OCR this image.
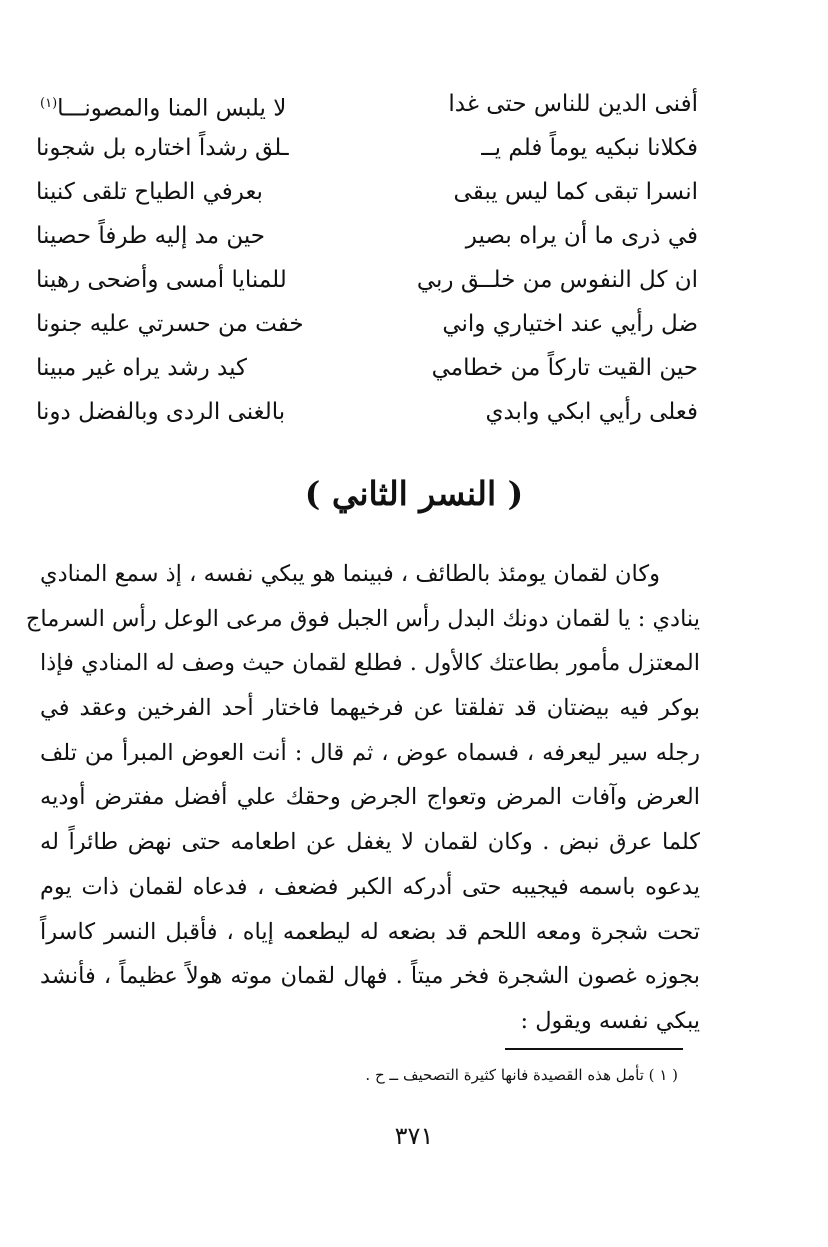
أفنى الدين للناس حتى غدا
لا يلبس المنا والمصونـــا$^{(١)}$
فكلانا نبكيه يوماً فلم يــ
ـلق رشداً اختاره بل شجونا
انسرا تبقى كما ليس يبقى
بعرفي الطياح تلقى كنينا
في ذرى ما أن يراه بصير
حين مد إليه طرفاً حصينا
ان كل النفوس من خلــق ربي
للمنايا أمسى وأضحى رهينا
ضل رأيي عند اختياري واني
خفت من حسرتي عليه جنونا
حين القيت تاركاً من خطامي
كيد رشد يراه غير مبينا
فعلى رأيي ابكي وابدي
بالغنى الردى وبالفضل دونا
( النسر الثاني )
وكان لقمان يومئذ بالطائف ، فبينما هو يبكي نفسه ، إذ سمع المنادي
ينادي : يا لقمان دونك البدل رأس الجبل فوق مرعى الوعل رأس السرماج
المعتزل مأمور بطاعتك كالأول . فطلع لقمان حيث وصف له المنادي فإذا
بوكر فيه بيضتان قد تفلقتا عن فرخيهما فاختار أحد الفرخين وعقد في
رجله سير ليعرفه ، فسماه عوض ، ثم قال : أنت العوض المبرأ من تلف
العرض وآفات المرض وتعواج الجرض وحقك علي أفضل مفترض أوديه
كلما عرق نبض . وكان لقمان لا يغفل عن اطعامه حتى نهض طائراً له
يدعوه باسمه فيجيبه حتى أدركه الكبر فضعف ، فدعاه لقمان ذات يوم
تحت شجرة ومعه اللحم قد بضعه له ليطعمه إياه ، فأقبل النسر كاسراً
بجوزه غصون الشجرة فخر ميتاً . فهال لقمان موته هولاً عظيماً ، فأنشد
يبكي نفسه ويقول :
( ١ ) تأمل هذه القصيدة فانها كثيرة التصحيف ــ ح .
٣٧١
